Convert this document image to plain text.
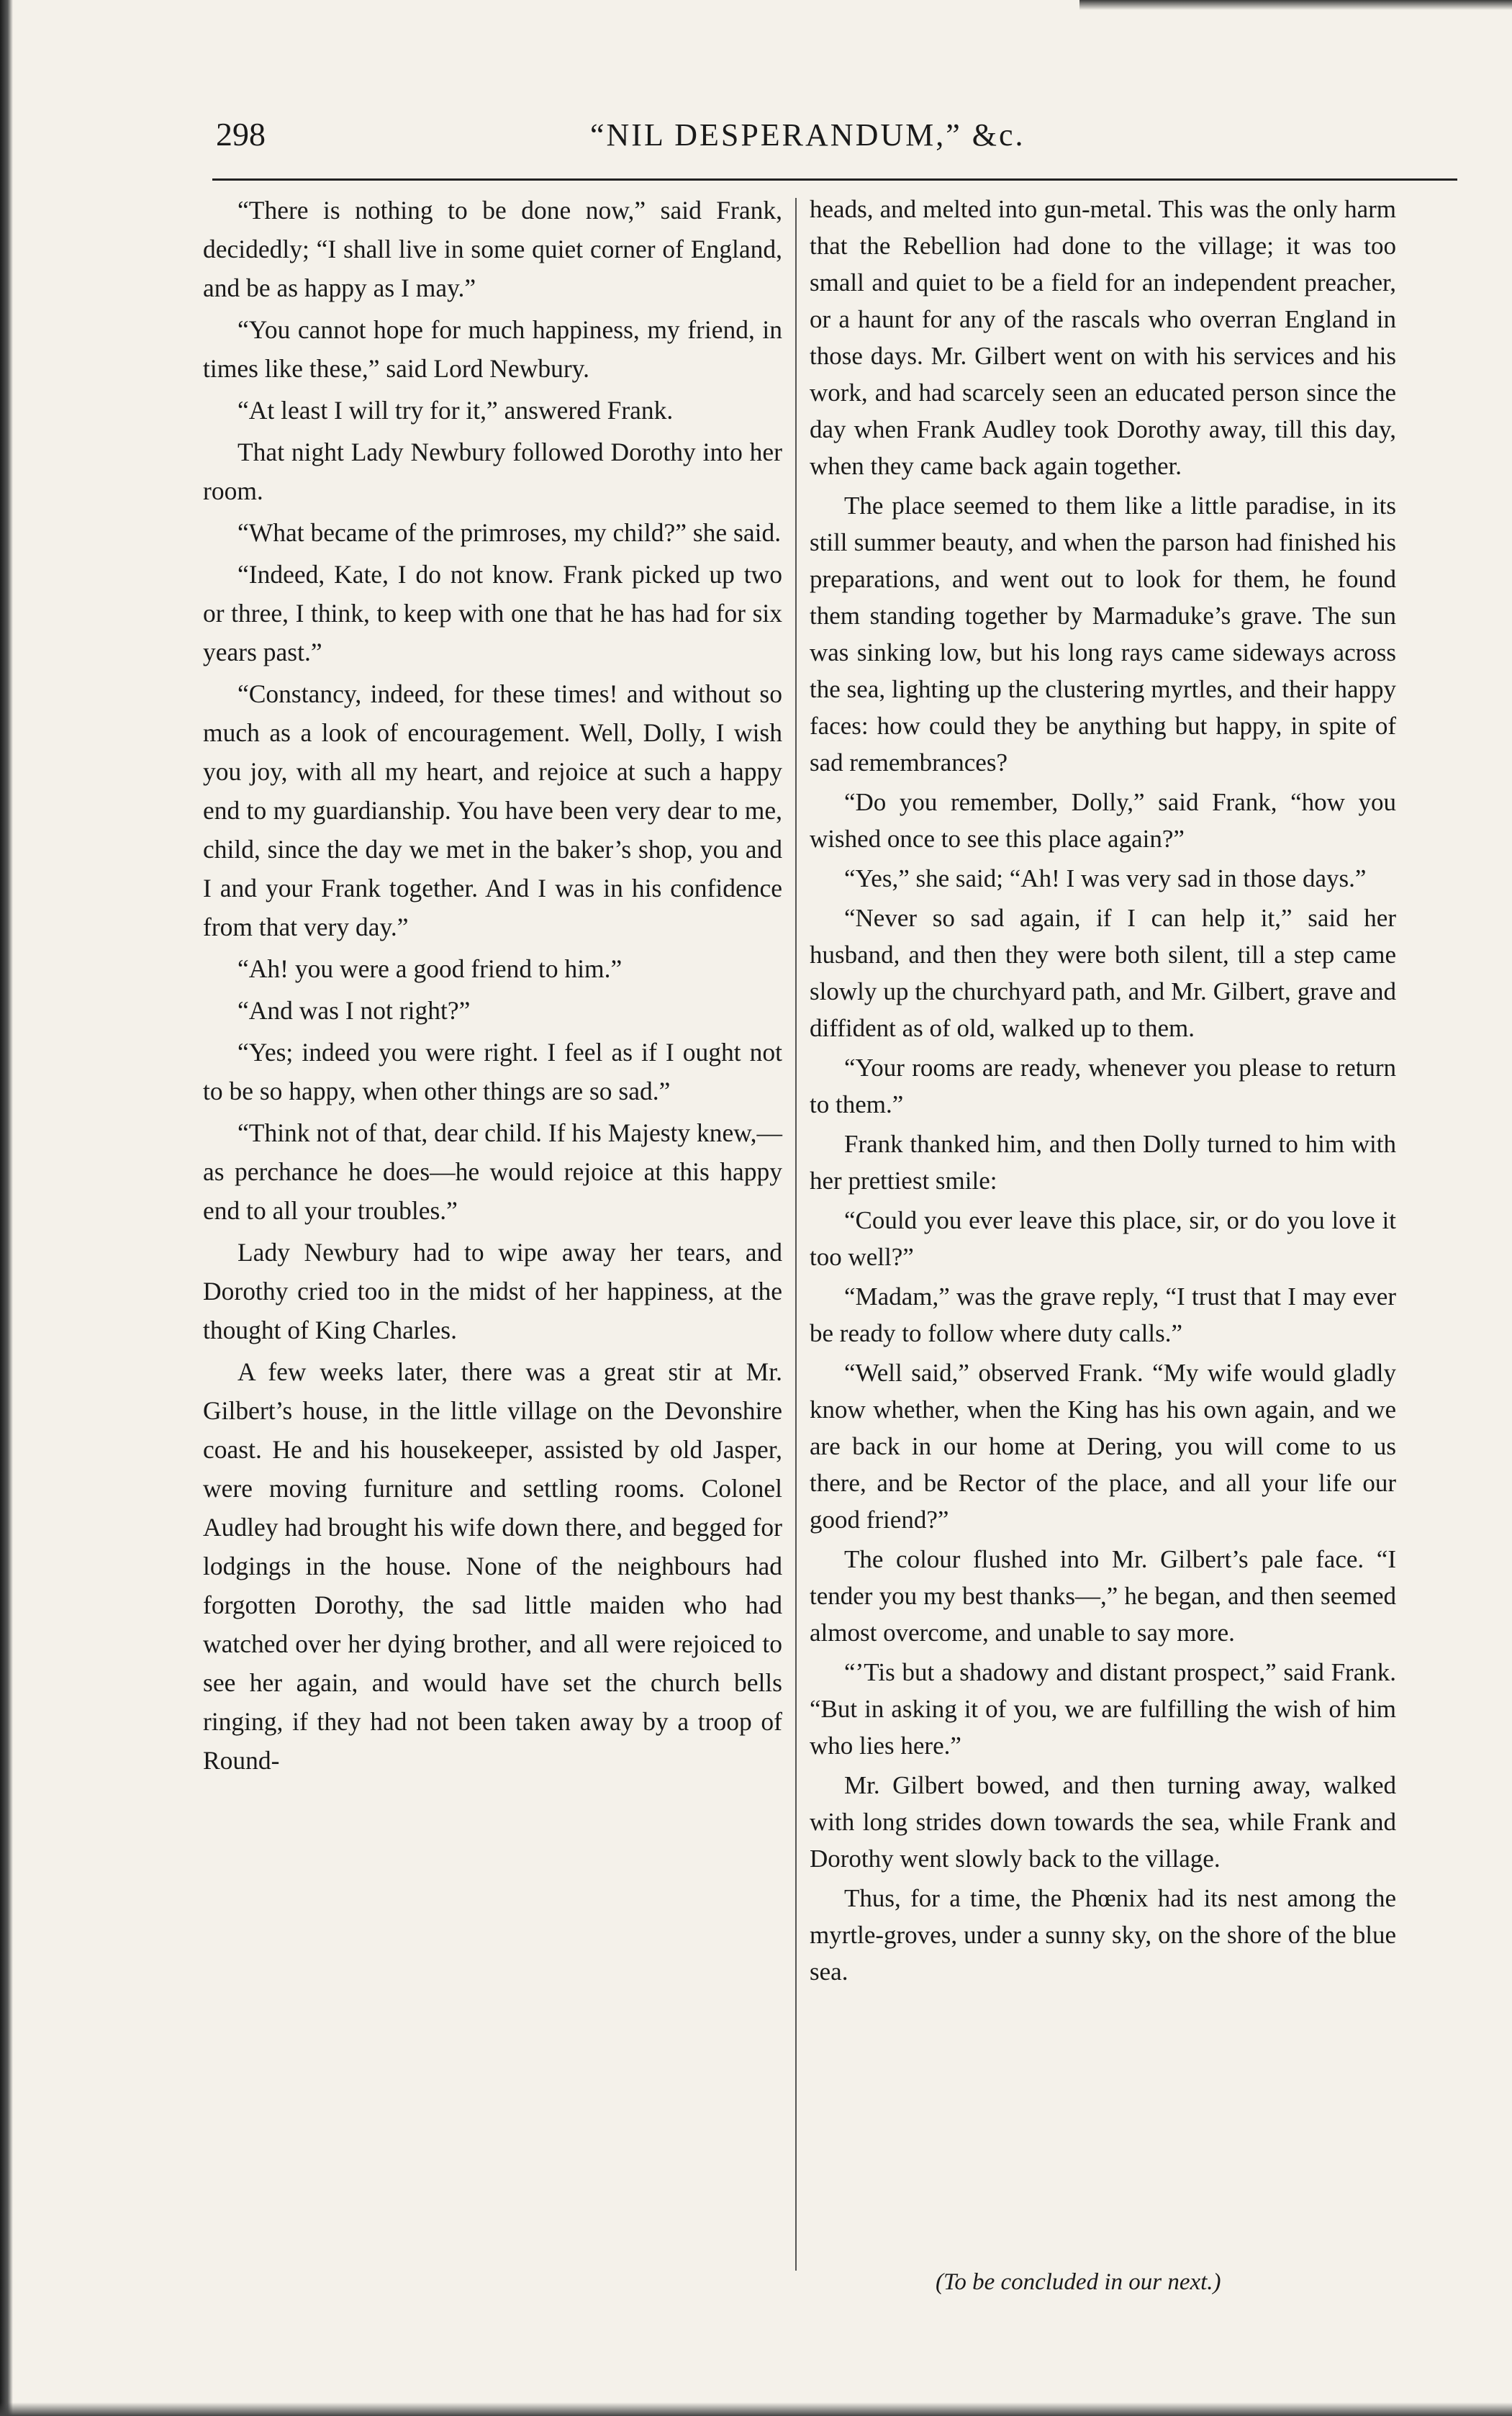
298	“NIL DESPERANDUM,” &c.

“There is nothing to be done now,” said Frank, decidedly; “I shall live in some quiet corner of England, and be as happy as I may.”

“You cannot hope for much happiness, my friend, in times like these,” said Lord Newbury.

“At least I will try for it,” answered Frank.

That night Lady Newbury followed Dorothy into her room.

“What became of the primroses, my child?” she said.

“Indeed, Kate, I do not know. Frank picked up two or three, I think, to keep with one that he has had for six years past.”

“Constancy, indeed, for these times! and without so much as a look of encouragement. Well, Dolly, I wish you joy, with all my heart, and rejoice at such a happy end to my guardianship. You have been very dear to me, child, since the day we met in the baker’s shop, you and I and your Frank together. And I was in his confidence from that very day.”

“Ah! you were a good friend to him.”

“And was I not right?”

“Yes; indeed you were right. I feel as if I ought not to be so happy, when other things are so sad.”

“Think not of that, dear child. If his Majesty knew,—as perchance he does—he would rejoice at this happy end to all your troubles.”

Lady Newbury had to wipe away her tears, and Dorothy cried too in the midst of her happiness, at the thought of King Charles.

A few weeks later, there was a great stir at Mr. Gilbert’s house, in the little village on the Devonshire coast. He and his housekeeper, assisted by old Jasper, were moving furniture and settling rooms. Colonel Audley had brought his wife down there, and begged for lodgings in the house. None of the neighbours had forgotten Dorothy, the sad little maiden who had watched over her dying brother, and all were rejoiced to see her again, and would have set the church bells ringing, if they had not been taken away by a troop of Round-

heads, and melted into gun-metal. This was the only harm that the Rebellion had done to the village; it was too small and quiet to be a field for an independent preacher, or a haunt for any of the rascals who overran England in those days. Mr. Gilbert went on with his services and his work, and had scarcely seen an educated person since the day when Frank Audley took Dorothy away, till this day, when they came back again together.

The place seemed to them like a little paradise, in its still summer beauty, and when the parson had finished his preparations, and went out to look for them, he found them standing together by Marmaduke’s grave. The sun was sinking low, but his long rays came sideways across the sea, lighting up the clustering myrtles, and their happy faces: how could they be anything but happy, in spite of sad remembrances?

“Do you remember, Dolly,” said Frank, “how you wished once to see this place again?”

“Yes,” she said; “Ah! I was very sad in those days.”

“Never so sad again, if I can help it,” said her husband, and then they were both silent, till a step came slowly up the churchyard path, and Mr. Gilbert, grave and diffident as of old, walked up to them.

“Your rooms are ready, whenever you please to return to them.”

Frank thanked him, and then Dolly turned to him with her prettiest smile:

“Could you ever leave this place, sir, or do you love it too well?”

“Madam,” was the grave reply, “I trust that I may ever be ready to follow where duty calls.”

“Well said,” observed Frank. “My wife would gladly know whether, when the King has his own again, and we are back in our home at Dering, you will come to us there, and be Rector of the place, and all your life our good friend?”

The colour flushed into Mr. Gilbert’s pale face. “I tender you my best thanks—,” he began, and then seemed almost overcome, and unable to say more.

“’Tis but a shadowy and distant prospect,” said Frank. “But in asking it of you, we are fulfilling the wish of him who lies here.”

Mr. Gilbert bowed, and then turning away, walked with long strides down towards the sea, while Frank and Dorothy went slowly back to the village.

Thus, for a time, the Phœnix had its nest among the myrtle-groves, under a sunny sky, on the shore of the blue sea.

(To be concluded in our next.)
